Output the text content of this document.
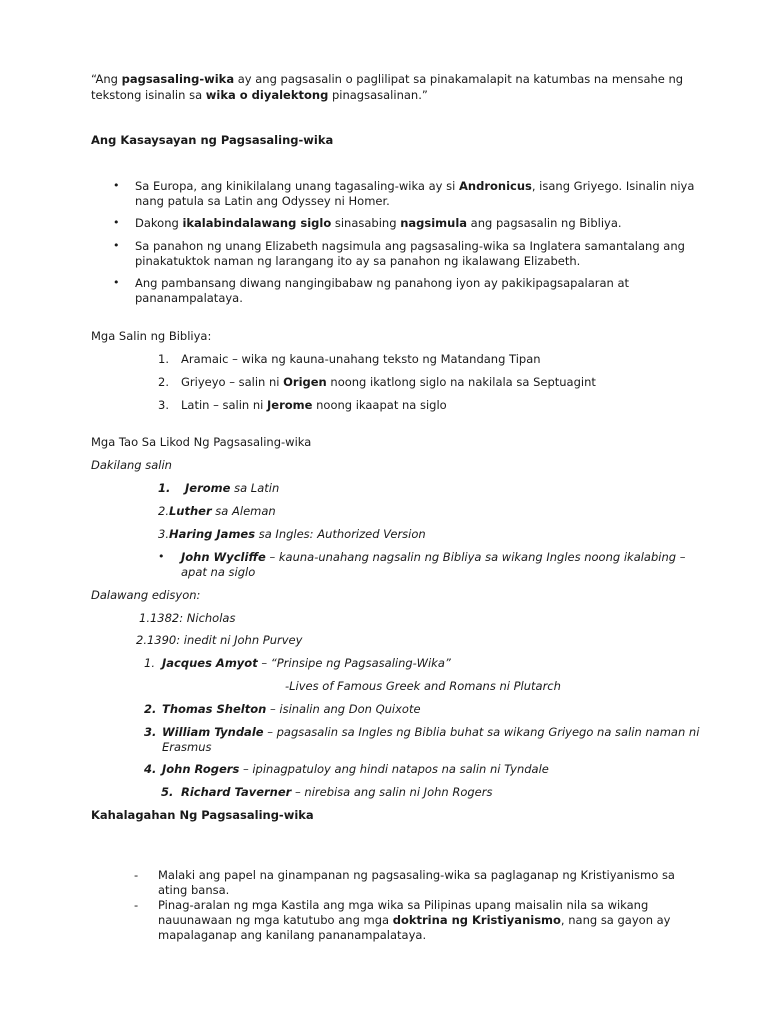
“Ang pagsasaling-wika ay ang pagsasalin o paglilipat sa pinakamalapit na katumbas na mensahe ng
tekstong isinalin sa wika o diyalektong pinagsasalinan.”
Ang Kasaysayan ng Pagsasaling-wika
• Sa Europa, ang kinikilalang unang tagasaling-wika ay si Andronicus, isang Griyego. Isinalin niya
nang patula sa Latin ang Odyssey ni Homer.
• Dakong ikalabindalawang siglo sinasabing nagsimula ang pagsasalin ng Bibliya.
• Sa panahon ng unang Elizabeth nagsimula ang pagsasaling-wika sa Inglatera samantalang ang
pinakatuktok naman ng larangang ito ay sa panahon ng ikalawang Elizabeth.
• Ang pambansang diwang nangingibabaw ng panahong iyon ay pakikipagsapalaran at
pananampalataya.
Mga Salin ng Bibliya:
1. Aramaic – wika ng kauna-unahang teksto ng Matandang Tipan
2. Griyeyo – salin ni Origen noong ikatlong siglo na nakilala sa Septuagint
3. Latin – salin ni Jerome noong ikaapat na siglo
Mga Tao Sa Likod Ng Pagsasaling-wika
Dakilang salin
1. Jerome sa Latin
2.Luther sa Aleman
3.Haring James sa Ingles: Authorized Version
• John Wycliffe – kauna-unahang nagsalin ng Bibliya sa wikang Ingles noong ikalabing –
apat na siglo
Dalawang edisyon:
1.1382: Nicholas
2.1390: inedit ni John Purvey
1. Jacques Amyot – “Prinsipe ng Pagsasaling-Wika”
-Lives of Famous Greek and Romans ni Plutarch
2. Thomas Shelton – isinalin ang Don Quixote
3. William Tyndale – pagsasalin sa Ingles ng Biblia buhat sa wikang Griyego na salin naman ni
Erasmus
4. John Rogers – ipinagpatuloy ang hindi natapos na salin ni Tyndale
5. Richard Taverner – nirebisa ang salin ni John Rogers
Kahalagahan Ng Pagsasaling-wika
- Malaki ang papel na ginampanan ng pagsasaling-wika sa paglaganap ng Kristiyanismo sa
ating bansa.
- Pinag-aralan ng mga Kastila ang mga wika sa Pilipinas upang maisalin nila sa wikang
nauunawaan ng mga katutubo ang mga doktrina ng Kristiyanismo, nang sa gayon ay
mapalaganap ang kanilang pananampalataya.
